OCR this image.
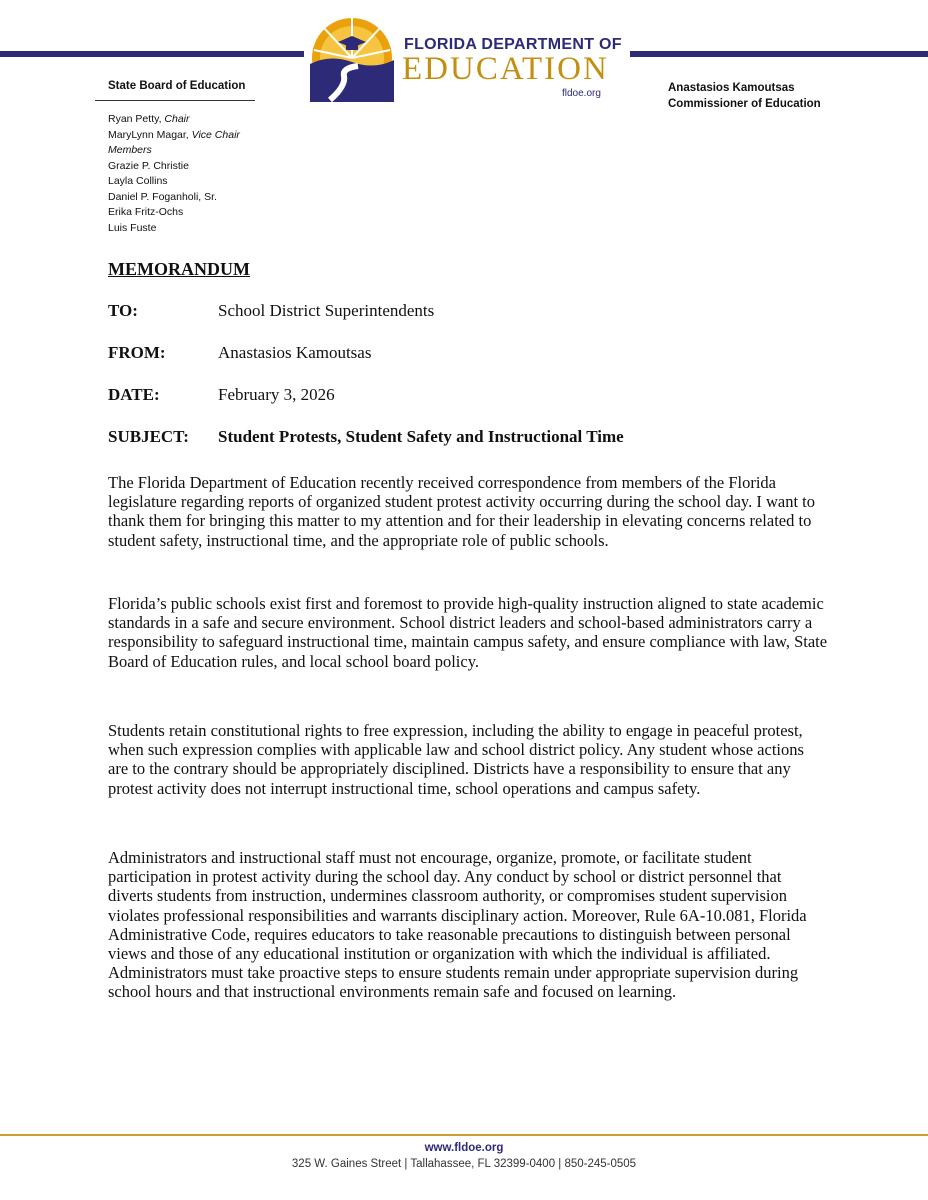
FLORIDA DEPARTMENT OF
EDUCATION
fldoe.org
State Board of Education
Ryan Petty, Chair
MaryLynn Magar, Vice Chair
Members
Grazie P. Christie
Layla Collins
Daniel P. Foganholi, Sr.
Erika Fritz-Ochs
Luis Fuste
Anastasios Kamoutsas
Commissioner of Education
MEMORANDUM
TO:	School District Superintendents
FROM:	Anastasios Kamoutsas
DATE:	February 3, 2026
SUBJECT: Student Protests, Student Safety and Instructional Time

The Florida Department of Education recently received correspondence from members of the Florida legislature regarding reports of organized student protest activity occurring during the school day. I want to thank them for bringing this matter to my attention and for their leadership in elevating concerns related to student safety, instructional time, and the appropriate role of public schools.

Florida’s public schools exist first and foremost to provide high-quality instruction aligned to state academic standards in a safe and secure environment. School district leaders and school-based administrators carry a responsibility to safeguard instructional time, maintain campus safety, and ensure compliance with law, State Board of Education rules, and local school board policy.

Students retain constitutional rights to free expression, including the ability to engage in peaceful protest, when such expression complies with applicable law and school district policy. Any student whose actions are to the contrary should be appropriately disciplined. Districts have a responsibility to ensure that any protest activity does not interrupt instructional time, school operations and campus safety.

Administrators and instructional staff must not encourage, organize, promote, or facilitate student participation in protest activity during the school day. Any conduct by school or district personnel that diverts students from instruction, undermines classroom authority, or compromises student supervision violates professional responsibilities and warrants disciplinary action. Moreover, Rule 6A-10.081, Florida Administrative Code, requires educators to take reasonable precautions to distinguish between personal views and those of any educational institution or organization with which the individual is affiliated. Administrators must take proactive steps to ensure students remain under appropriate supervision during school hours and that instructional environments remain safe and focused on learning.

www.fldoe.org
325 W. Gaines Street | Tallahassee, FL 32399-0400 | 850-245-0505
